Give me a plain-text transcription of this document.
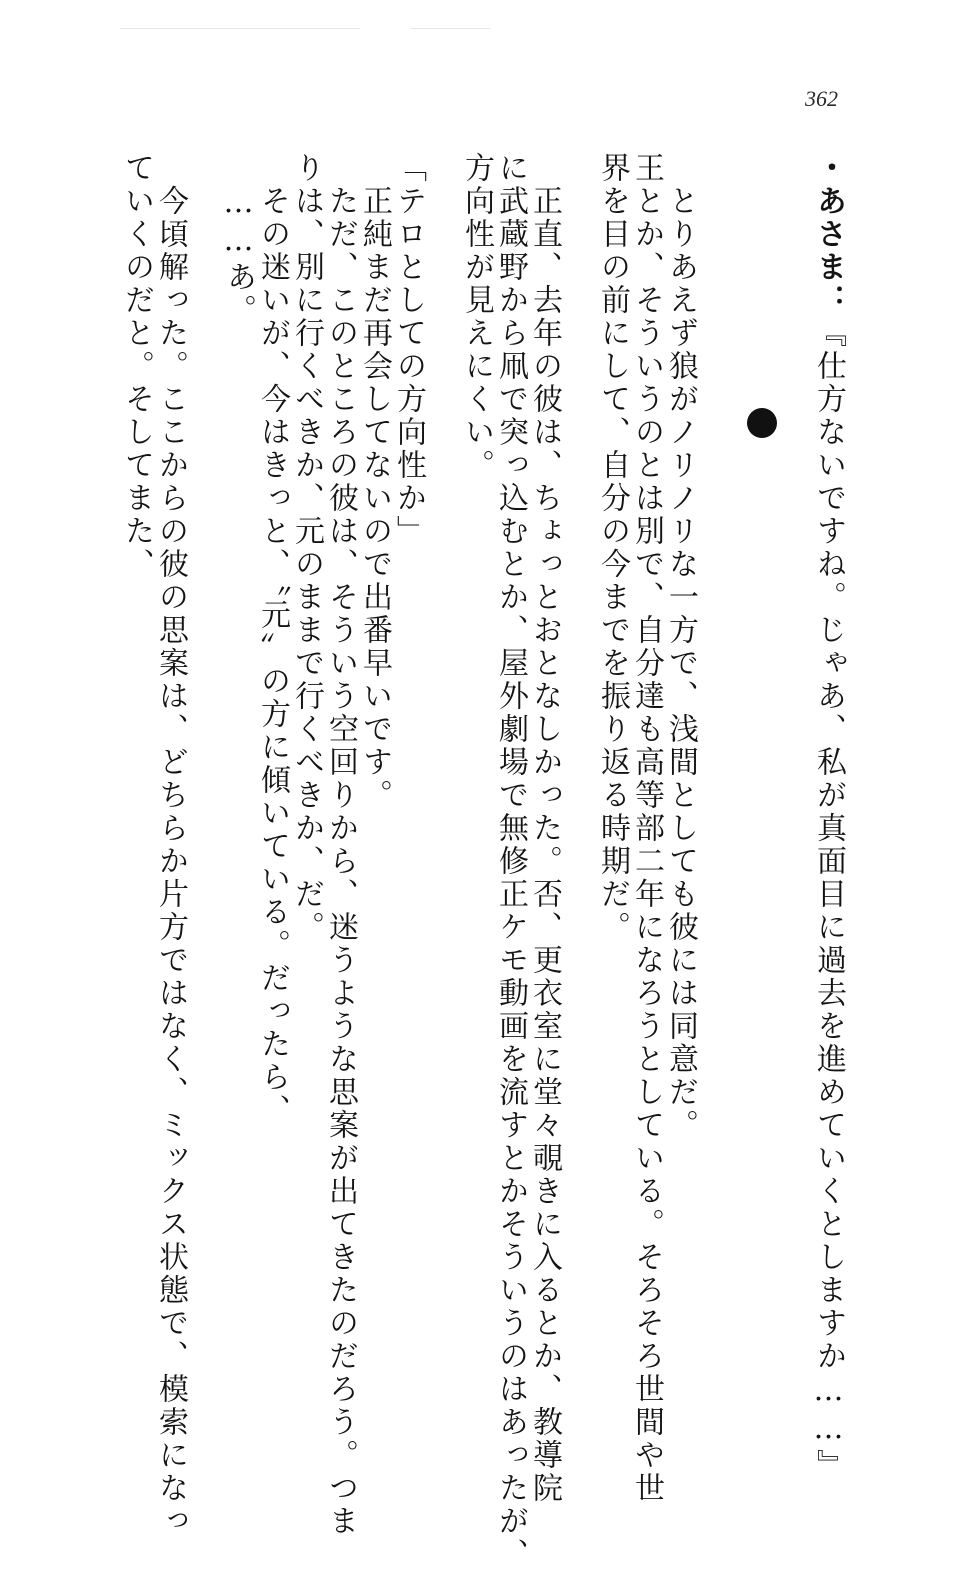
362
・あさま：『仕方ないですね。じゃあ、私が真面目に過去を進めていくとしますか……』
　とりあえず狼がノリノリな一方で、浅間としても彼には同意だ。
王とか、そういうのとは別で、自分達も高等部二年になろうとしている。そろそろ世間や世
界を目の前にして、自分の今までを振り返る時期だ。
　正直、去年の彼は、ちょっとおとなしかった。否、更衣室に堂々覗きに入るとか、教導院
に武蔵野から凧で突っ込むとか、屋外劇場で無修正ケモ動画を流すとかそういうのはあったが、
方向性が見えにくい。
「テロとしての方向性か」
　正純まだ再会してないので出番早いです。
　ただ、このところの彼は、そういう空回りから、迷うような思案が出てきたのだろう。つま
りは、別に行くべきか、元のままで行くべきか、だ。
　その迷いが、今はきっと、〝元〟の方に傾いている。だったら、
　……あ。
　今頃解った。ここからの彼の思案は、どちらか片方ではなく、ミックス状態で、模索になっ
ていくのだと。そしてまた、
